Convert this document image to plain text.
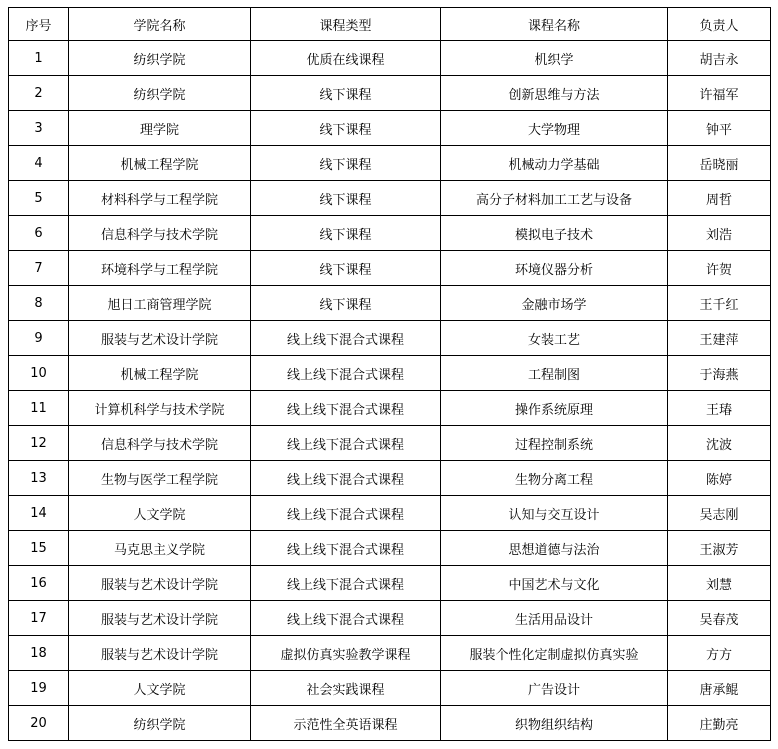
序号	学院名称	课程类型	课程名称	负责人
1	纺织学院	优质在线课程	机织学	胡吉永
2	纺织学院	线下课程	创新思维与方法	许福军
3	理学院	线下课程	大学物理	钟平
4	机械工程学院	线下课程	机械动力学基础	岳晓丽
5	材料科学与工程学院	线下课程	高分子材料加工工艺与设备	周哲
6	信息科学与技术学院	线下课程	模拟电子技术	刘浩
7	环境科学与工程学院	线下课程	环境仪器分析	许贺
8	旭日工商管理学院	线下课程	金融市场学	王千红
9	服装与艺术设计学院	线上线下混合式课程	女装工艺	王建萍
10	机械工程学院	线上线下混合式课程	工程制图	于海燕
11	计算机科学与技术学院	线上线下混合式课程	操作系统原理	王瑃
12	信息科学与技术学院	线上线下混合式课程	过程控制系统	沈波
13	生物与医学工程学院	线上线下混合式课程	生物分离工程	陈婷
14	人文学院	线上线下混合式课程	认知与交互设计	吴志刚
15	马克思主义学院	线上线下混合式课程	思想道德与法治	王淑芳
16	服装与艺术设计学院	线上线下混合式课程	中国艺术与文化	刘慧
17	服装与艺术设计学院	线上线下混合式课程	生活用品设计	吴春茂
18	服装与艺术设计学院	虚拟仿真实验教学课程	服装个性化定制虚拟仿真实验	方方
19	人文学院	社会实践课程	广告设计	唐承鲲
20	纺织学院	示范性全英语课程	织物组织结构	庄勤亮
